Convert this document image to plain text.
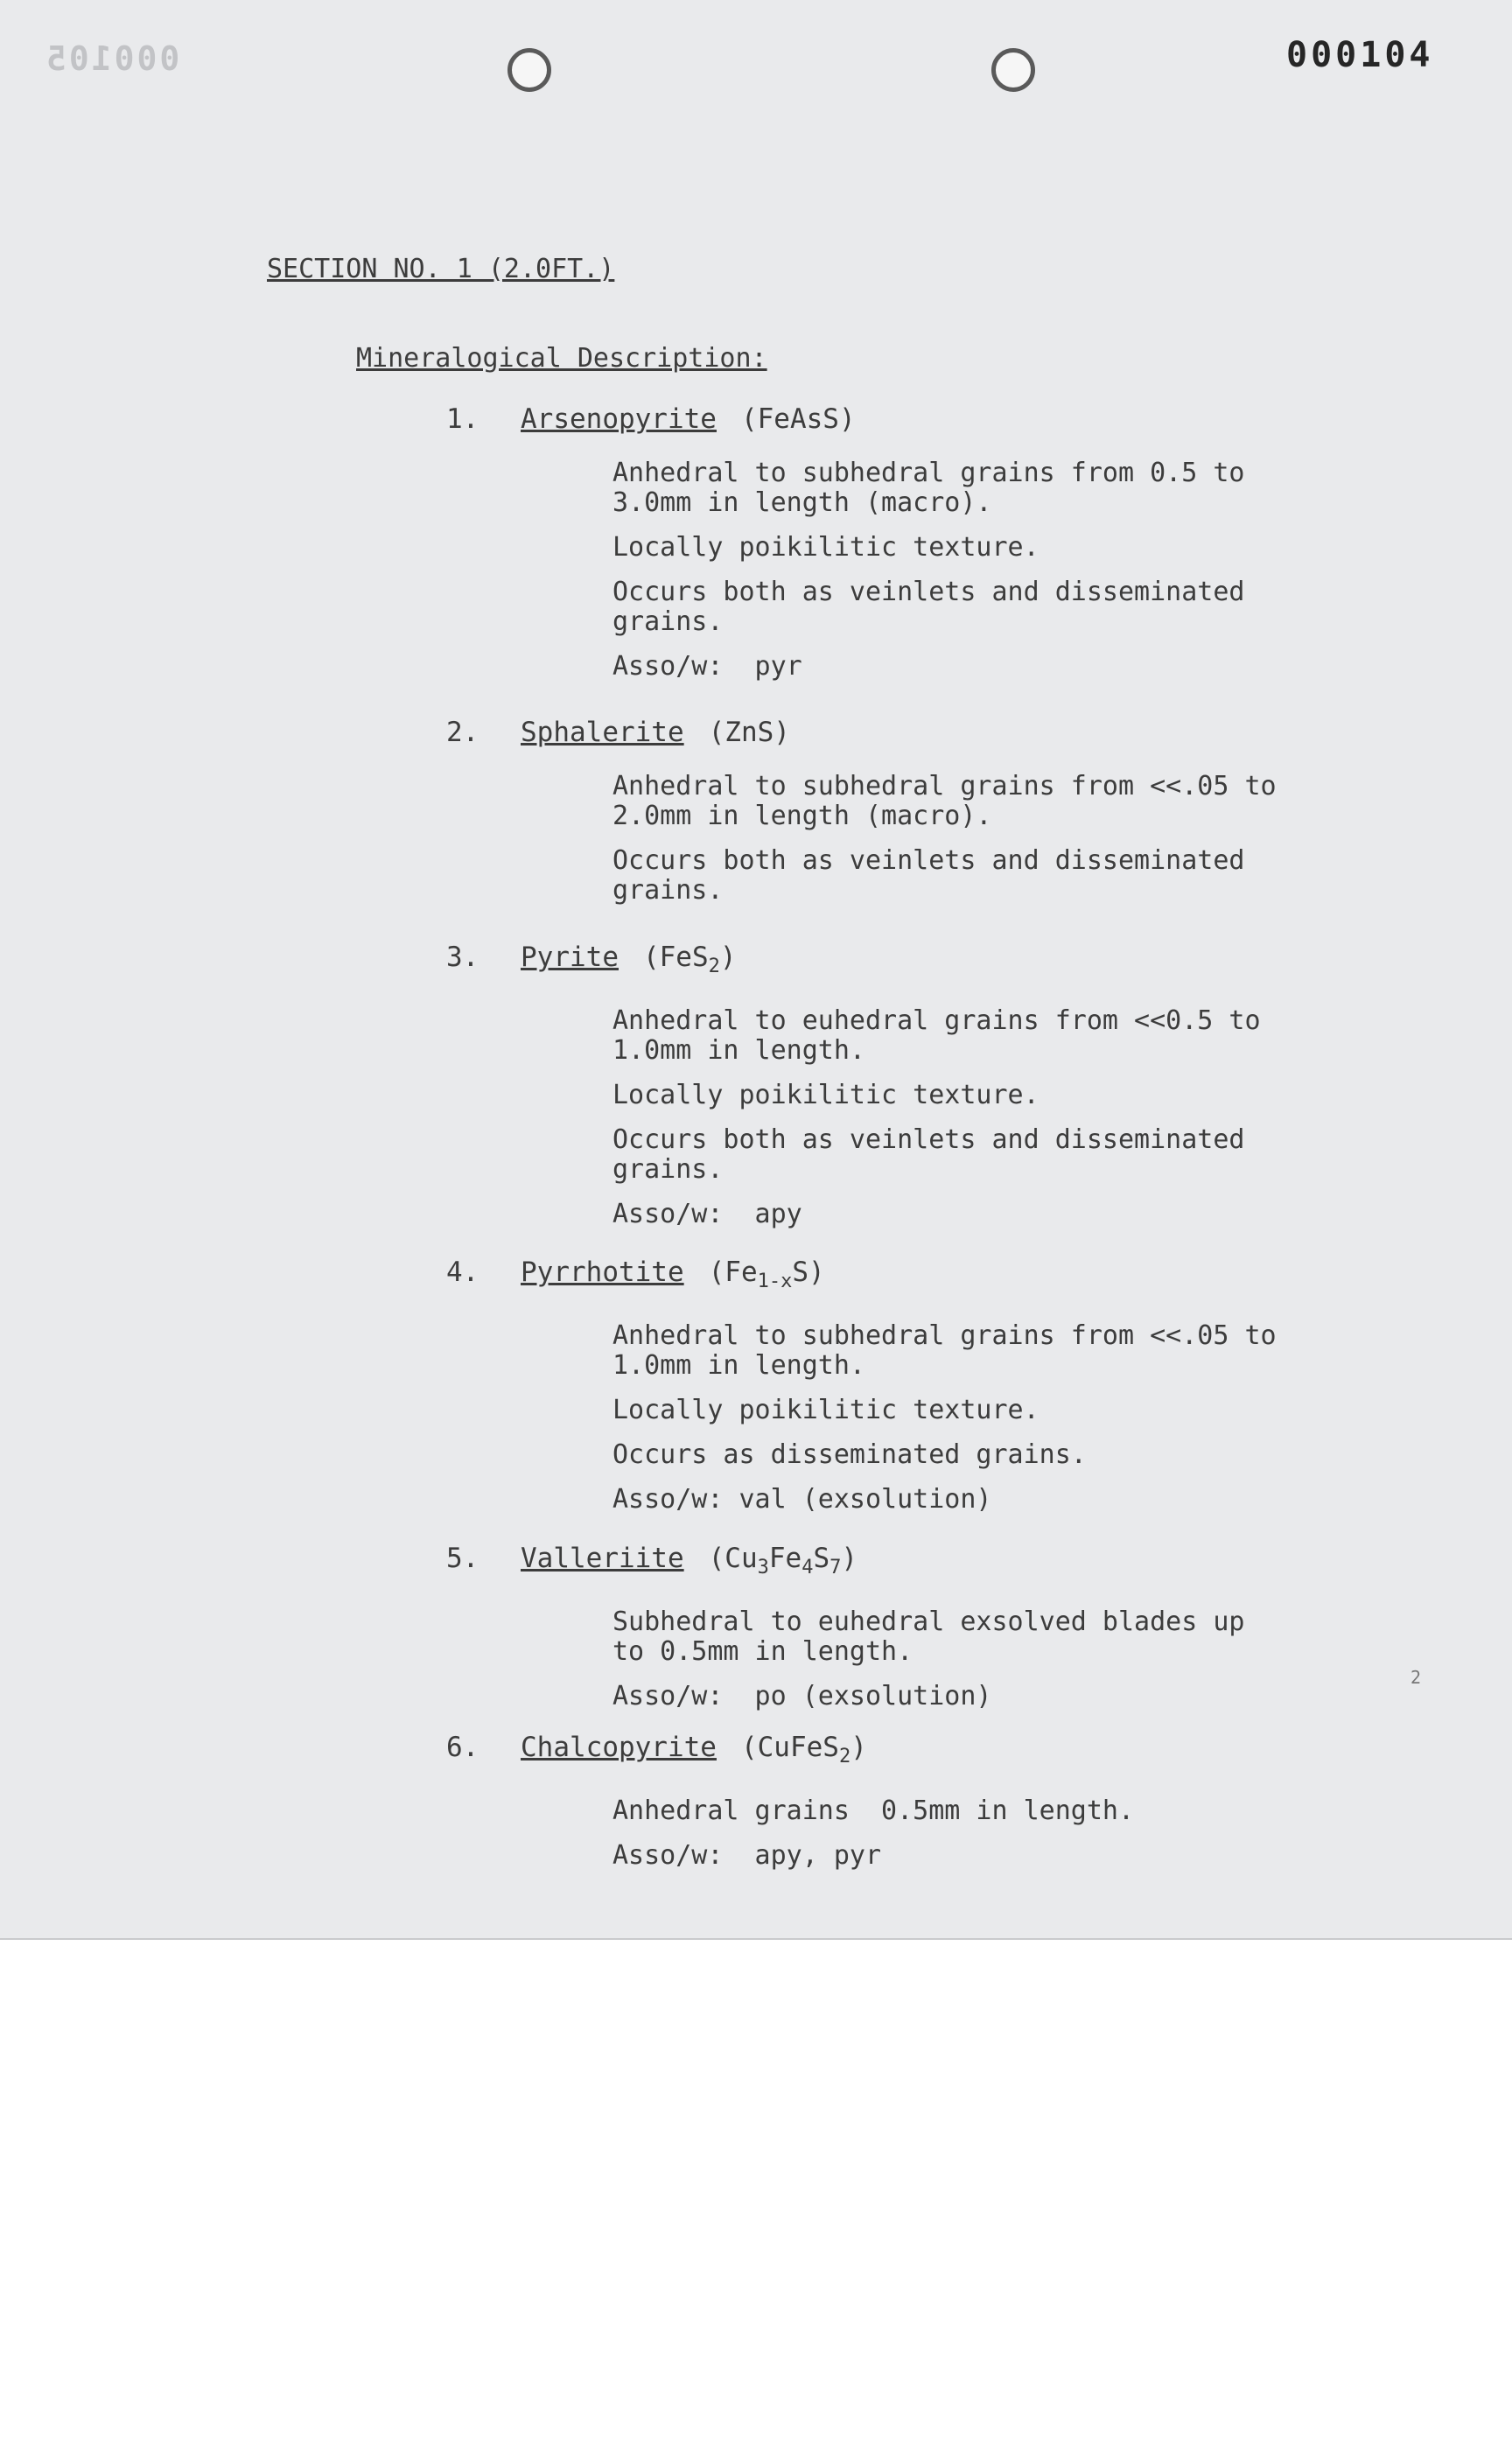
000105	000104
SECTION NO. 1 (2.0FT.)
Mineralogical Description:
1. Arsenopyrite (FeAsS)
Anhedral to subhedral grains from 0.5 to
3.0mm in length (macro).
Locally poikilitic texture.
Occurs both as veinlets and disseminated
grains.
Asso/w:  pyr
2. Sphalerite (ZnS)
Anhedral to subhedral grains from <<.05 to
2.0mm in length (macro).
Occurs both as veinlets and disseminated
grains.
3. Pyrite (FeS$_2$)
Anhedral to euhedral grains from <<0.5 to
1.0mm in length.
Locally poikilitic texture.
Occurs both as veinlets and disseminated
grains.
Asso/w:  apy
4. Pyrrhotite $(Fe_{1-x}S)$
Anhedral to subhedral grains from <<.05 to
1.0mm in length.
Locally poikilitic texture.
Occurs as disseminated grains.
Asso/w: val (exsolution)
5. Valleriite $(Cu_3Fe_4S_7)$
Subhedral to euhedral exsolved blades up
to 0.5mm in length.
Asso/w:  po (exsolution)
6. Chalcopyrite (CuFeS$_2$)
Anhedral grains  0.5mm in length.
Asso/w:  apy, pyr
2
